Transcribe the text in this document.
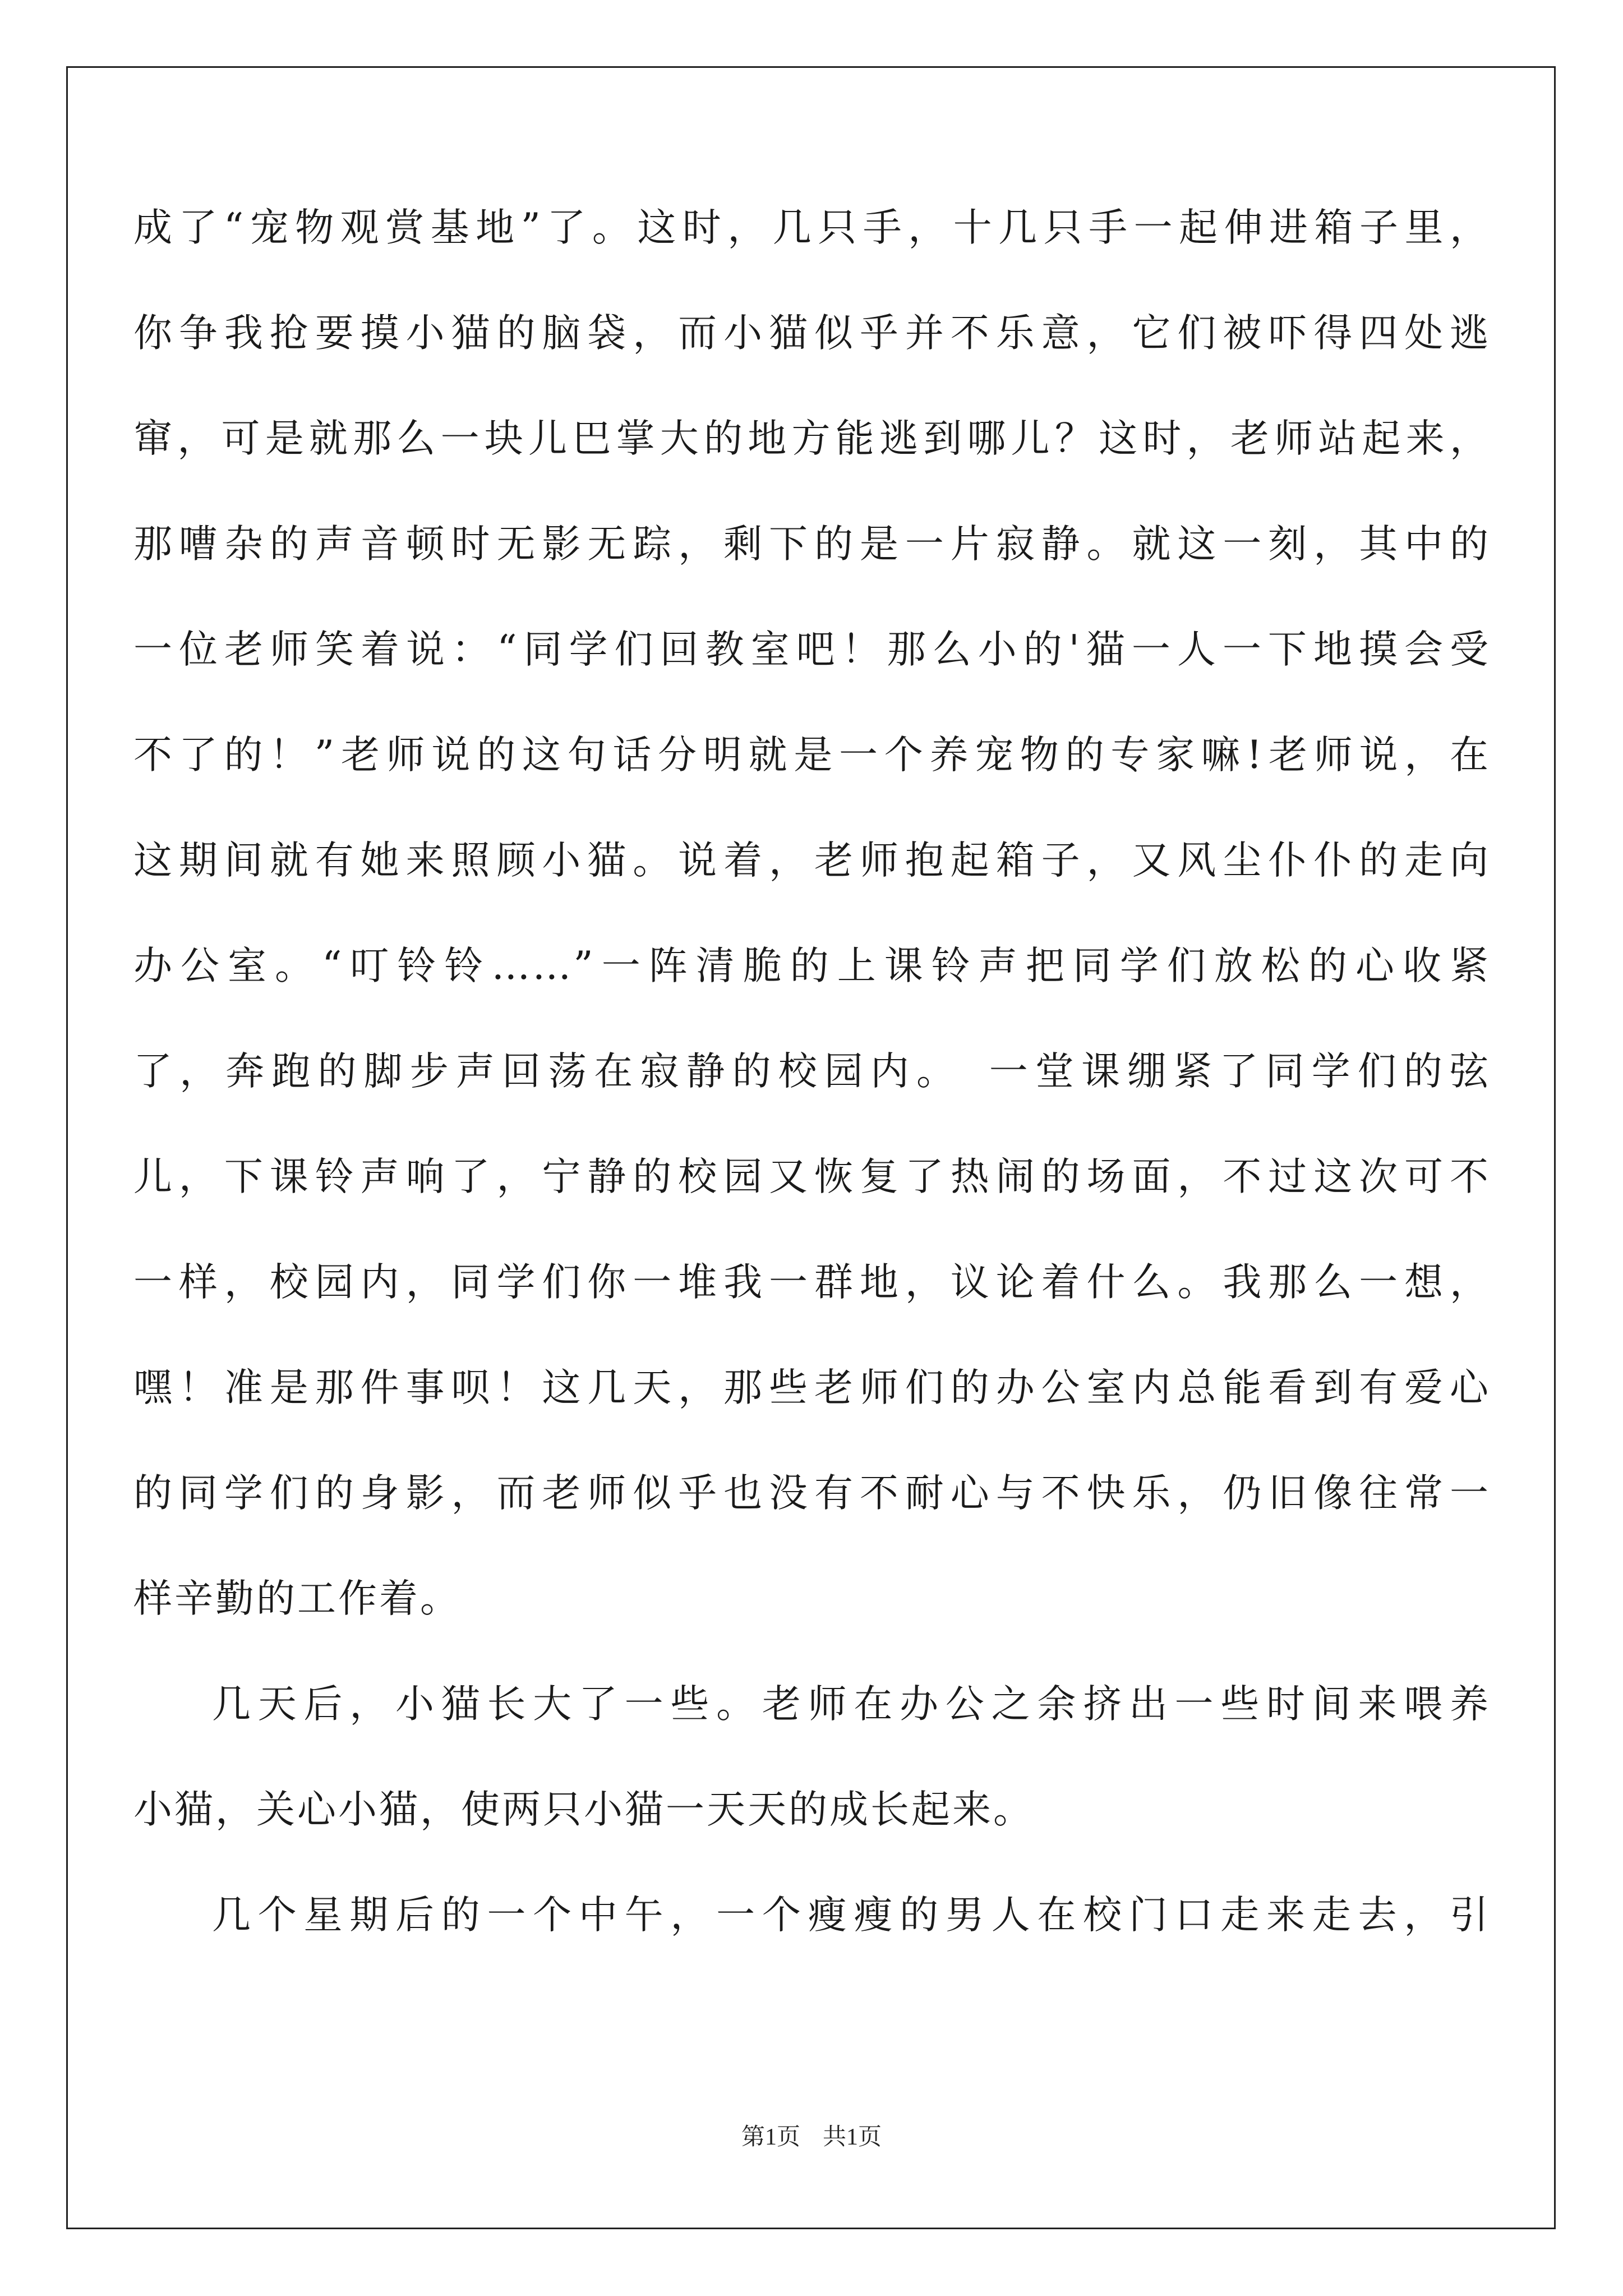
成了“宠物观赏基地”了。这时，几只手，十几只手一起伸进箱子里，
你争我抢要摸小猫的脑袋，而小猫似乎并不乐意，它们被吓得四处逃
窜，可是就那么一块儿巴掌大的地方能逃到哪儿？这时，老师站起来，
那嘈杂的声音顿时无影无踪，剩下的是一片寂静。就这一刻，其中的
一位老师笑着说：“同学们回教室吧！那么小的'猫一人一下地摸会受
不了的！”老师说的这句话分明就是一个养宠物的专家嘛!老师说，在
这期间就有她来照顾小猫。说着，老师抱起箱子，又风尘仆仆的走向
办公室。“叮铃铃……”一阵清脆的上课铃声把同学们放松的心收紧
了，奔跑的脚步声回荡在寂静的校园内。　一堂课绷紧了同学们的弦
儿，下课铃声响了，宁静的校园又恢复了热闹的场面，不过这次可不
一样，校园内，同学们你一堆我一群地，议论着什么。我那么一想，
嘿！准是那件事呗！这几天，那些老师们的办公室内总能看到有爱心
的同学们的身影，而老师似乎也没有不耐心与不快乐，仍旧像往常一
样辛勤的工作着。
几天后，小猫长大了一些。老师在办公之余挤出一些时间来喂养
小猫，关心小猫，使两只小猫一天天的成长起来。
几个星期后的一个中午，一个瘦瘦的男人在校门口走来走去，引
第1页 共1页
